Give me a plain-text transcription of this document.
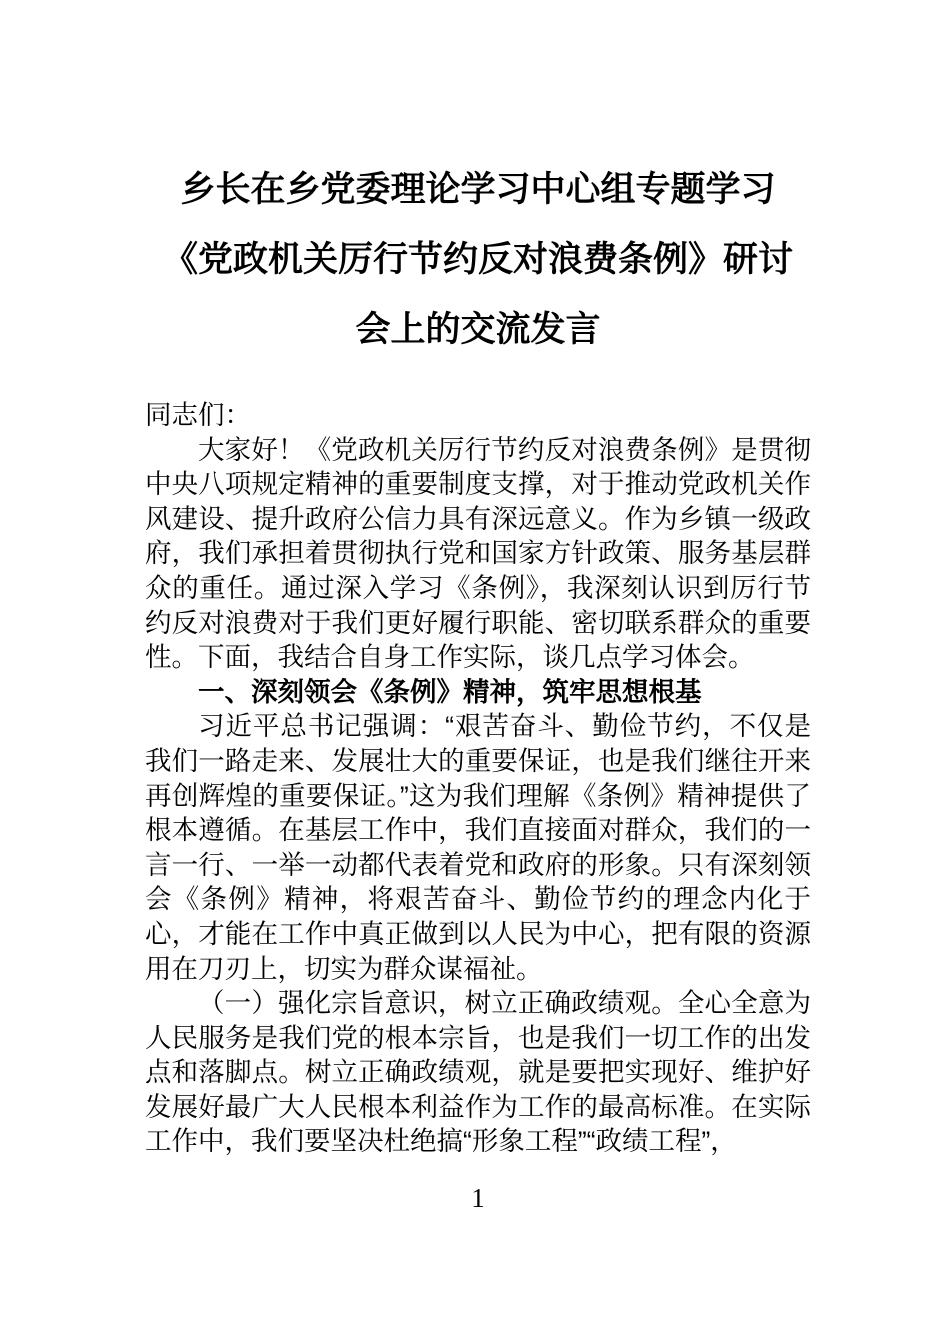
乡长在乡党委理论学习中心组专题学习
《党政机关厉行节约反对浪费条例》研讨
会上的交流发言
同志们：
大家好！《党政机关厉行节约反对浪费条例》是贯彻中央八项规定精神的重要制度支撑，对于推动党政机关作风建设、提升政府公信力具有深远意义。作为乡镇一级政府，我们承担着贯彻执行党和国家方针政策、服务基层群众的重任。通过深入学习《条例》，我深刻认识到厉行节约反对浪费对于我们更好履行职能、密切联系群众的重要性。下面，我结合自身工作实际，谈几点学习体会。
一、深刻领会《条例》精神，筑牢思想根基
习近平总书记强调：“艰苦奋斗、勤俭节约，不仅是我们一路走来、发展壮大的重要保证，也是我们继往开来再创辉煌的重要保证。”这为我们理解《条例》精神提供了根本遵循。在基层工作中，我们直接面对群众，我们的一言一行、一举一动都代表着党和政府的形象。只有深刻领会《条例》精神，将艰苦奋斗、勤俭节约的理念内化于心，才能在工作中真正做到以人民为中心，把有限的资源用在刀刃上，切实为群众谋福祉。
（一）强化宗旨意识，树立正确政绩观。全心全意为人民服务是我们党的根本宗旨，也是我们一切工作的出发点和落脚点。树立正确政绩观，就是要把实现好、维护好发展好最广大人民根本利益作为工作的最高标准。在实际工作中，我们要坚决杜绝搞“形象工程”“政绩工程”，
1
